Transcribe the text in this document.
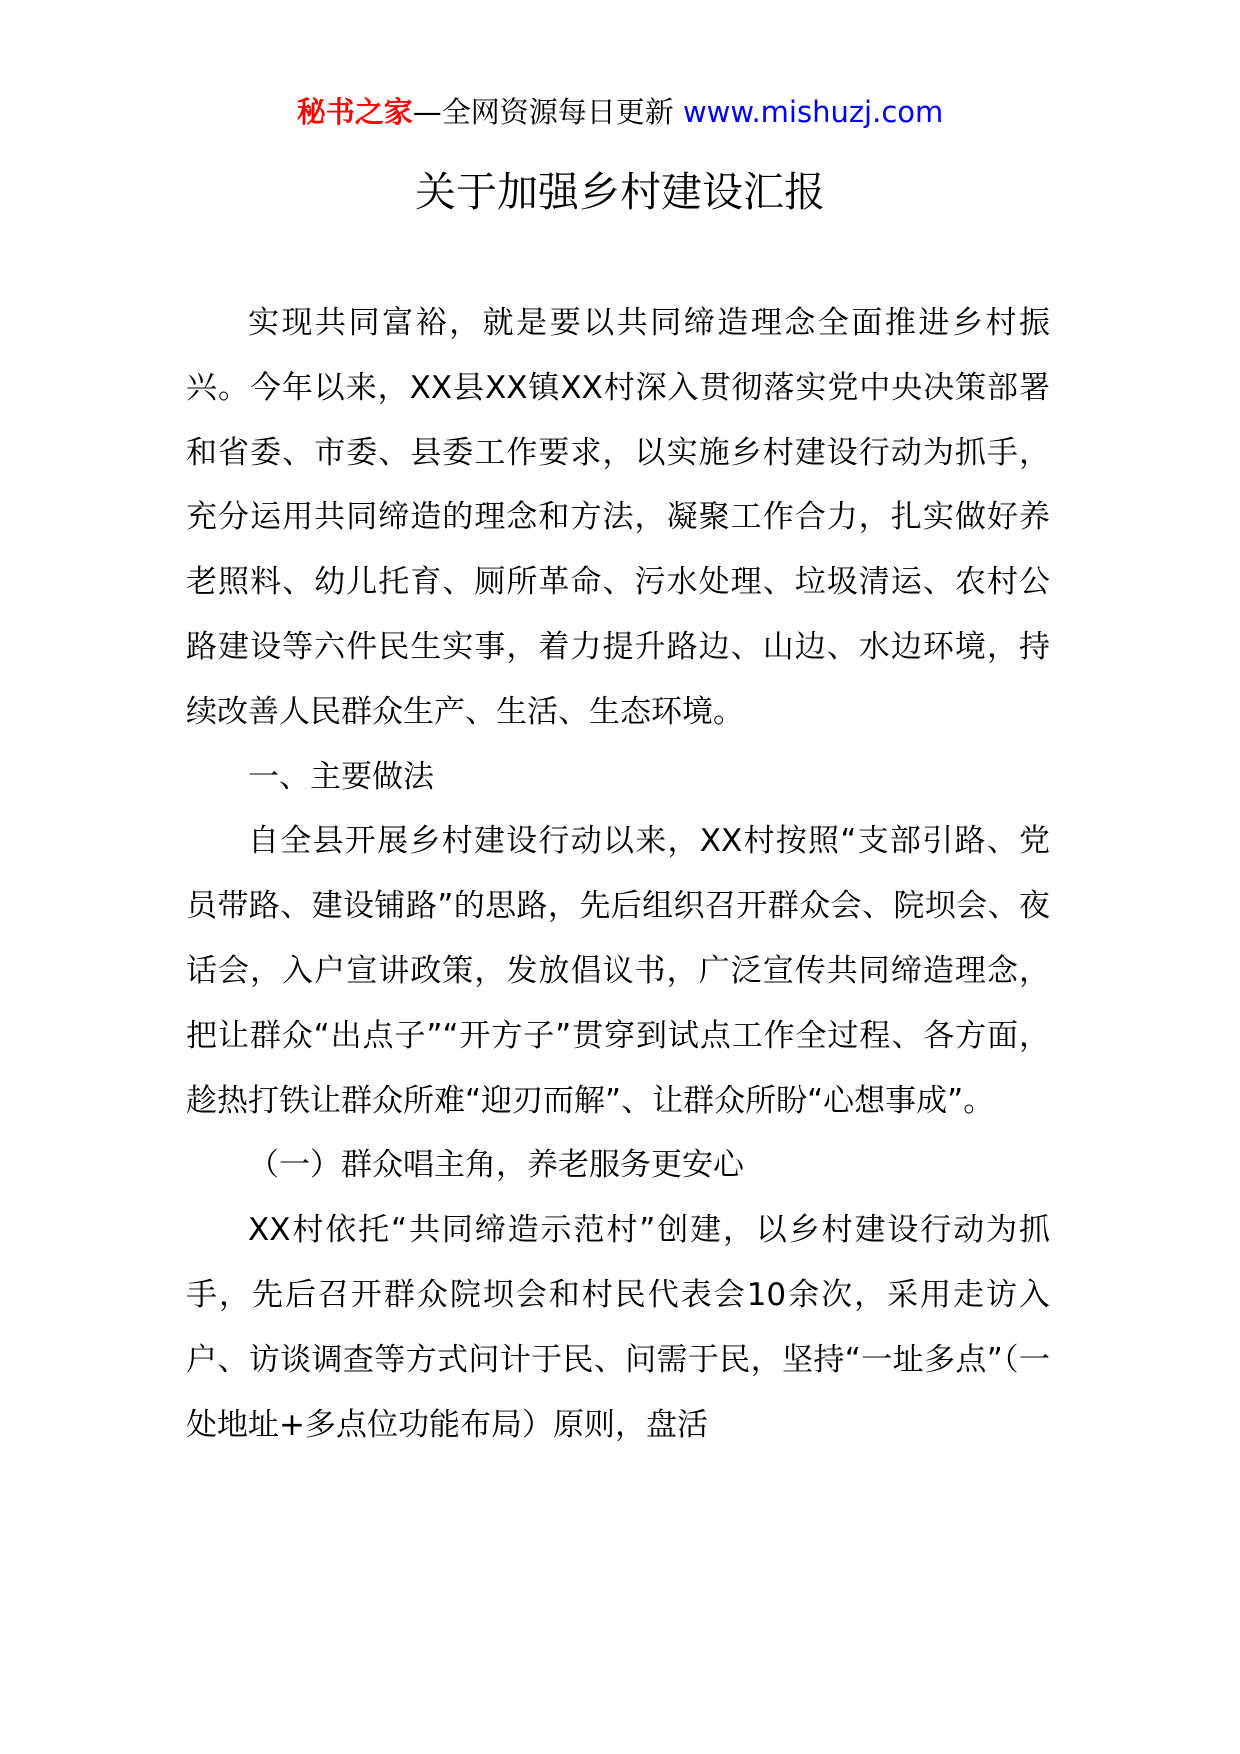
秘书之家—全网资源每日更新 www.mishuzj.com
关于加强乡村建设汇报

实现共同富裕，就是要以共同缔造理念全面推进乡村振兴。今年以来，XX县XX镇XX村深入贯彻落实党中央决策部署和省委、市委、县委工作要求，以实施乡村建设行动为抓手，充分运用共同缔造的理念和方法，凝聚工作合力，扎实做好养老照料、幼儿托育、厕所革命、污水处理、垃圾清运、农村公路建设等六件民生实事，着力提升路边、山边、水边环境，持续改善人民群众生产、生活、生态环境。

一、主要做法

自全县开展乡村建设行动以来，XX村按照“支部引路、党员带路、建设铺路”的思路，先后组织召开群众会、院坝会、夜话会，入户宣讲政策，发放倡议书，广泛宣传共同缔造理念，把让群众“出点子”“开方子”贯穿到试点工作全过程、各方面，趁热打铁让群众所难“迎刃而解”、让群众所盼“心想事成”。

（一）群众唱主角，养老服务更安心

XX村依托“共同缔造示范村”创建，以乡村建设行动为抓手，先后召开群众院坝会和村民代表会10余次，采用走访入户、访谈调查等方式问计于民、问需于民，坚持“一址多点”（一处地址+多点位功能布局）原则，盘活
